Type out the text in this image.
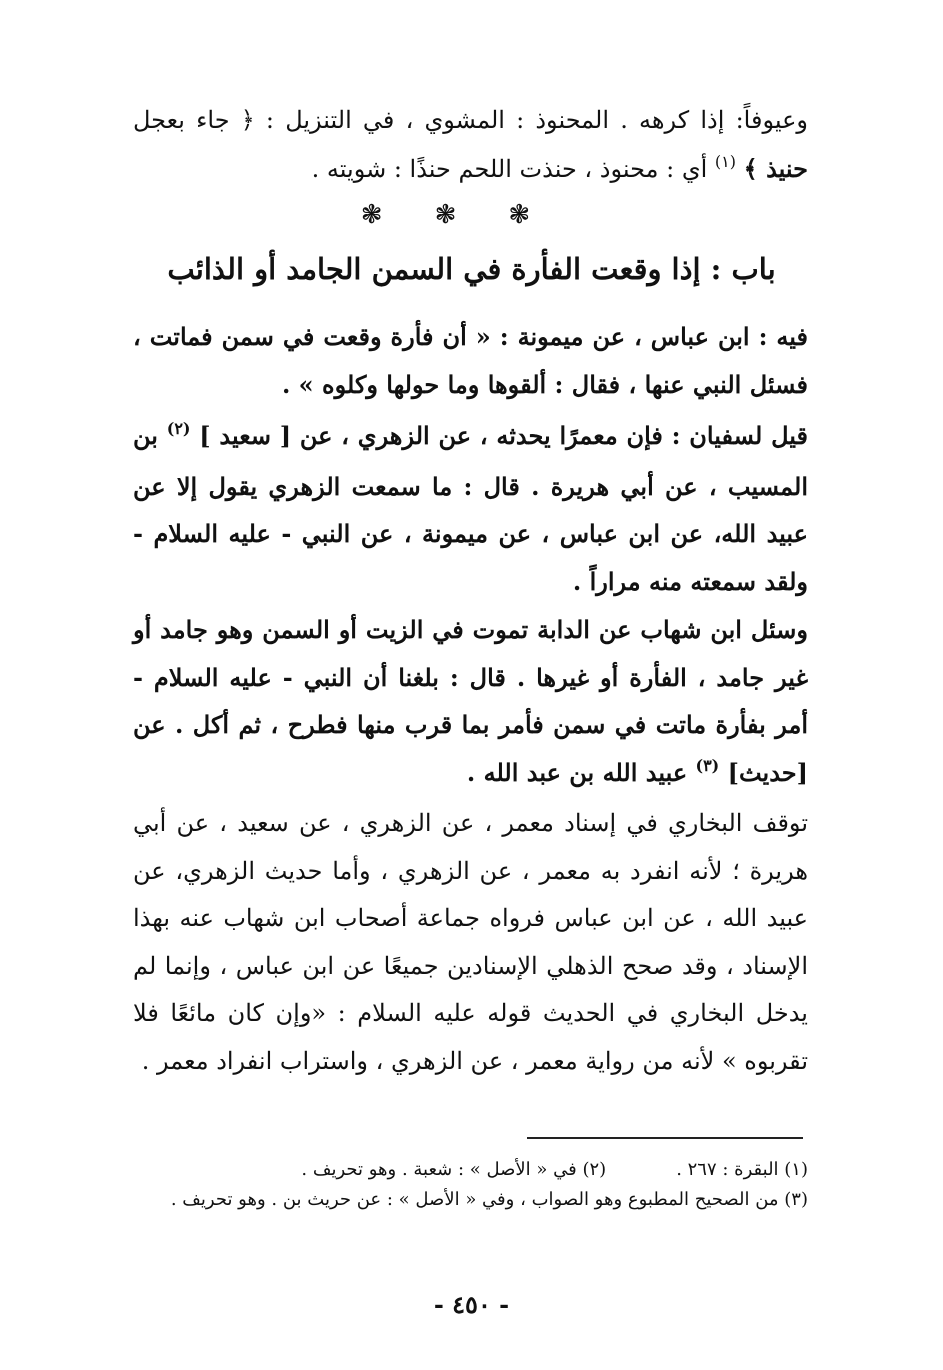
وعيوفاً: إذا كرهه . المحنوذ : المشوي ، في التنزيل : ﴿ جاء بعجل حنيذ ﴾ $^{(١)}$ أي : محنوذ ، حنذت اللحم حنذًا : شويته .
❃❃❃
باب : إذا وقعت الفأرة في السمن الجامد أو الذائب
فيه : ابن عباس ، عن ميمونة : « أن فأرة وقعت في سمن فماتت ، فسئل النبي عنها ، فقال : ألقوها وما حولها وكلوه » .
قيل لسفيان : فإن معمرًا يحدثه ، عن الزهري ، عن [ سعيد ] $^{(٢)}$ بن المسيب ، عن أبي هريرة . قال : ما سمعت الزهري يقول إلا عن عبيد الله، عن ابن عباس ، عن ميمونة ، عن النبي - عليه السلام - ولقد سمعته منه مراراً .
وسئل ابن شهاب عن الدابة تموت في الزيت أو السمن وهو جامد أو غير جامد ، الفأرة أو غيرها . قال : بلغنا أن النبي - عليه السلام - أمر بفأرة ماتت في سمن فأمر بما قرب منها فطرح ، ثم أكل . عن [حديث] $^{(٣)}$ عبيد الله بن عبد الله .
توقف البخاري في إسناد معمر ، عن الزهري ، عن سعيد ، عن أبي هريرة ؛ لأنه انفرد به معمر ، عن الزهري ، وأما حديث الزهري، عن عبيد الله ، عن ابن عباس فرواه جماعة أصحاب ابن شهاب عنه بهذا الإسناد ، وقد صحح الذهلي الإسنادين جميعًا عن ابن عباس ، وإنما لم يدخل البخاري في الحديث قوله عليه السلام : «وإن كان مائعًا فلا تقربوه » لأنه من رواية معمر ، عن الزهري ، واستراب انفراد معمر .
(١) البقرة : ٢٦٧ .
(٢) في « الأصل » : شعبة . وهو تحريف .
(٣) من الصحيح المطبوع وهو الصواب ، وفي « الأصل » : عن حريث بن . وهو تحريف .
- ٤٥٠ -
